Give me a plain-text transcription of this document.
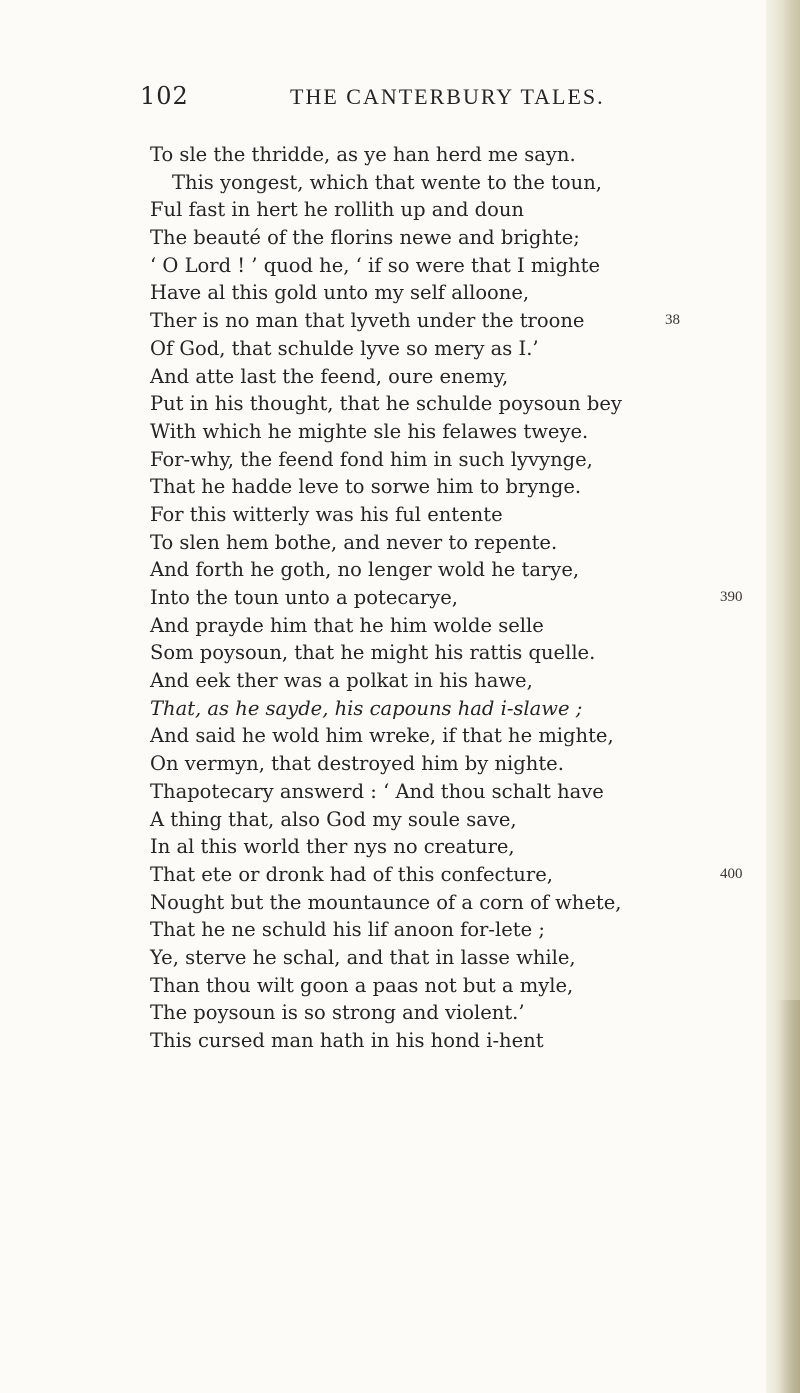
102	THE CANTERBURY TALES.
To sle the thridde, as ye han herd me sayn.
This yongest, which that wente to the toun,
Ful fast in hert he rollith up and doun
The beauté of the florins newe and brighte;
‘ O Lord ! ’ quod he, ‘ if so were that I mighte
Have al this gold unto my self alloone,
Ther is no man that lyveth under the troone	38
Of God, that schulde lyve so mery as I.’
And atte last the feend, oure enemy,
Put in his thought, that he schulde poysoun bey
With which he mighte sle his felawes tweye.
For-why, the feend fond him in such lyvynge,
That he hadde leve to sorwe him to brynge.
For this witterly was his ful entente
To slen hem bothe, and never to repente.
And forth he goth, no lenger wold he tarye,
Into the toun unto a potecarye,	390
And prayde him that he him wolde selle
Som poysoun, that he might his rattis quelle.
And eek ther was a polkat in his hawe,
That, as he sayde, his capouns had i-slawe ;
And said he wold him wreke, if that he mighte,
On vermyn, that destroyed him by nighte.
Thapotecary answerd : ‘ And thou schalt have
A thing that, also God my soule save,
In al this world ther nys no creature,
That ete or dronk had of this confecture,	400
Nought but the mountaunce of a corn of whete,
That he ne schuld his lif anoon for-lete ;
Ye, sterve he schal, and that in lasse while,
Than thou wilt goon a paas not but a myle,
The poysoun is so strong and violent.’
This cursed man hath in his hond i-hent
